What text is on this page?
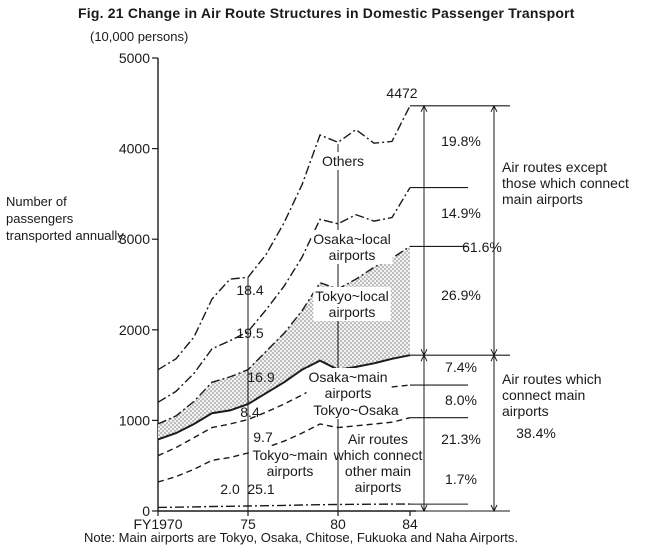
Fig. 21 Change in Air Route Structures in Domestic Passenger Transport
(10,000 persons)
Number of passengers transported annually
Note: Main airports are Tokyo, Osaka, Chitose, Fukuoka and Naha Airports.
0
1000
2000
3000
4000
5000
FY1970	75	80	84
4472
19.8%
14.9%
26.9%
7.4%
8.0%
21.3%
1.7%
61.6%
38.4%
Air routes except
those which connect
main airports
Air routes which
connect main
airports
18.4
19.5
16.9
8.4
9.7
25.1
2.0
Others
Osaka~local
airports
Tokyo~local
airports
Osaka~main
airports
Tokyo~Osaka
Tokyo~main
airports
Air routes
which connect
other main
airports
